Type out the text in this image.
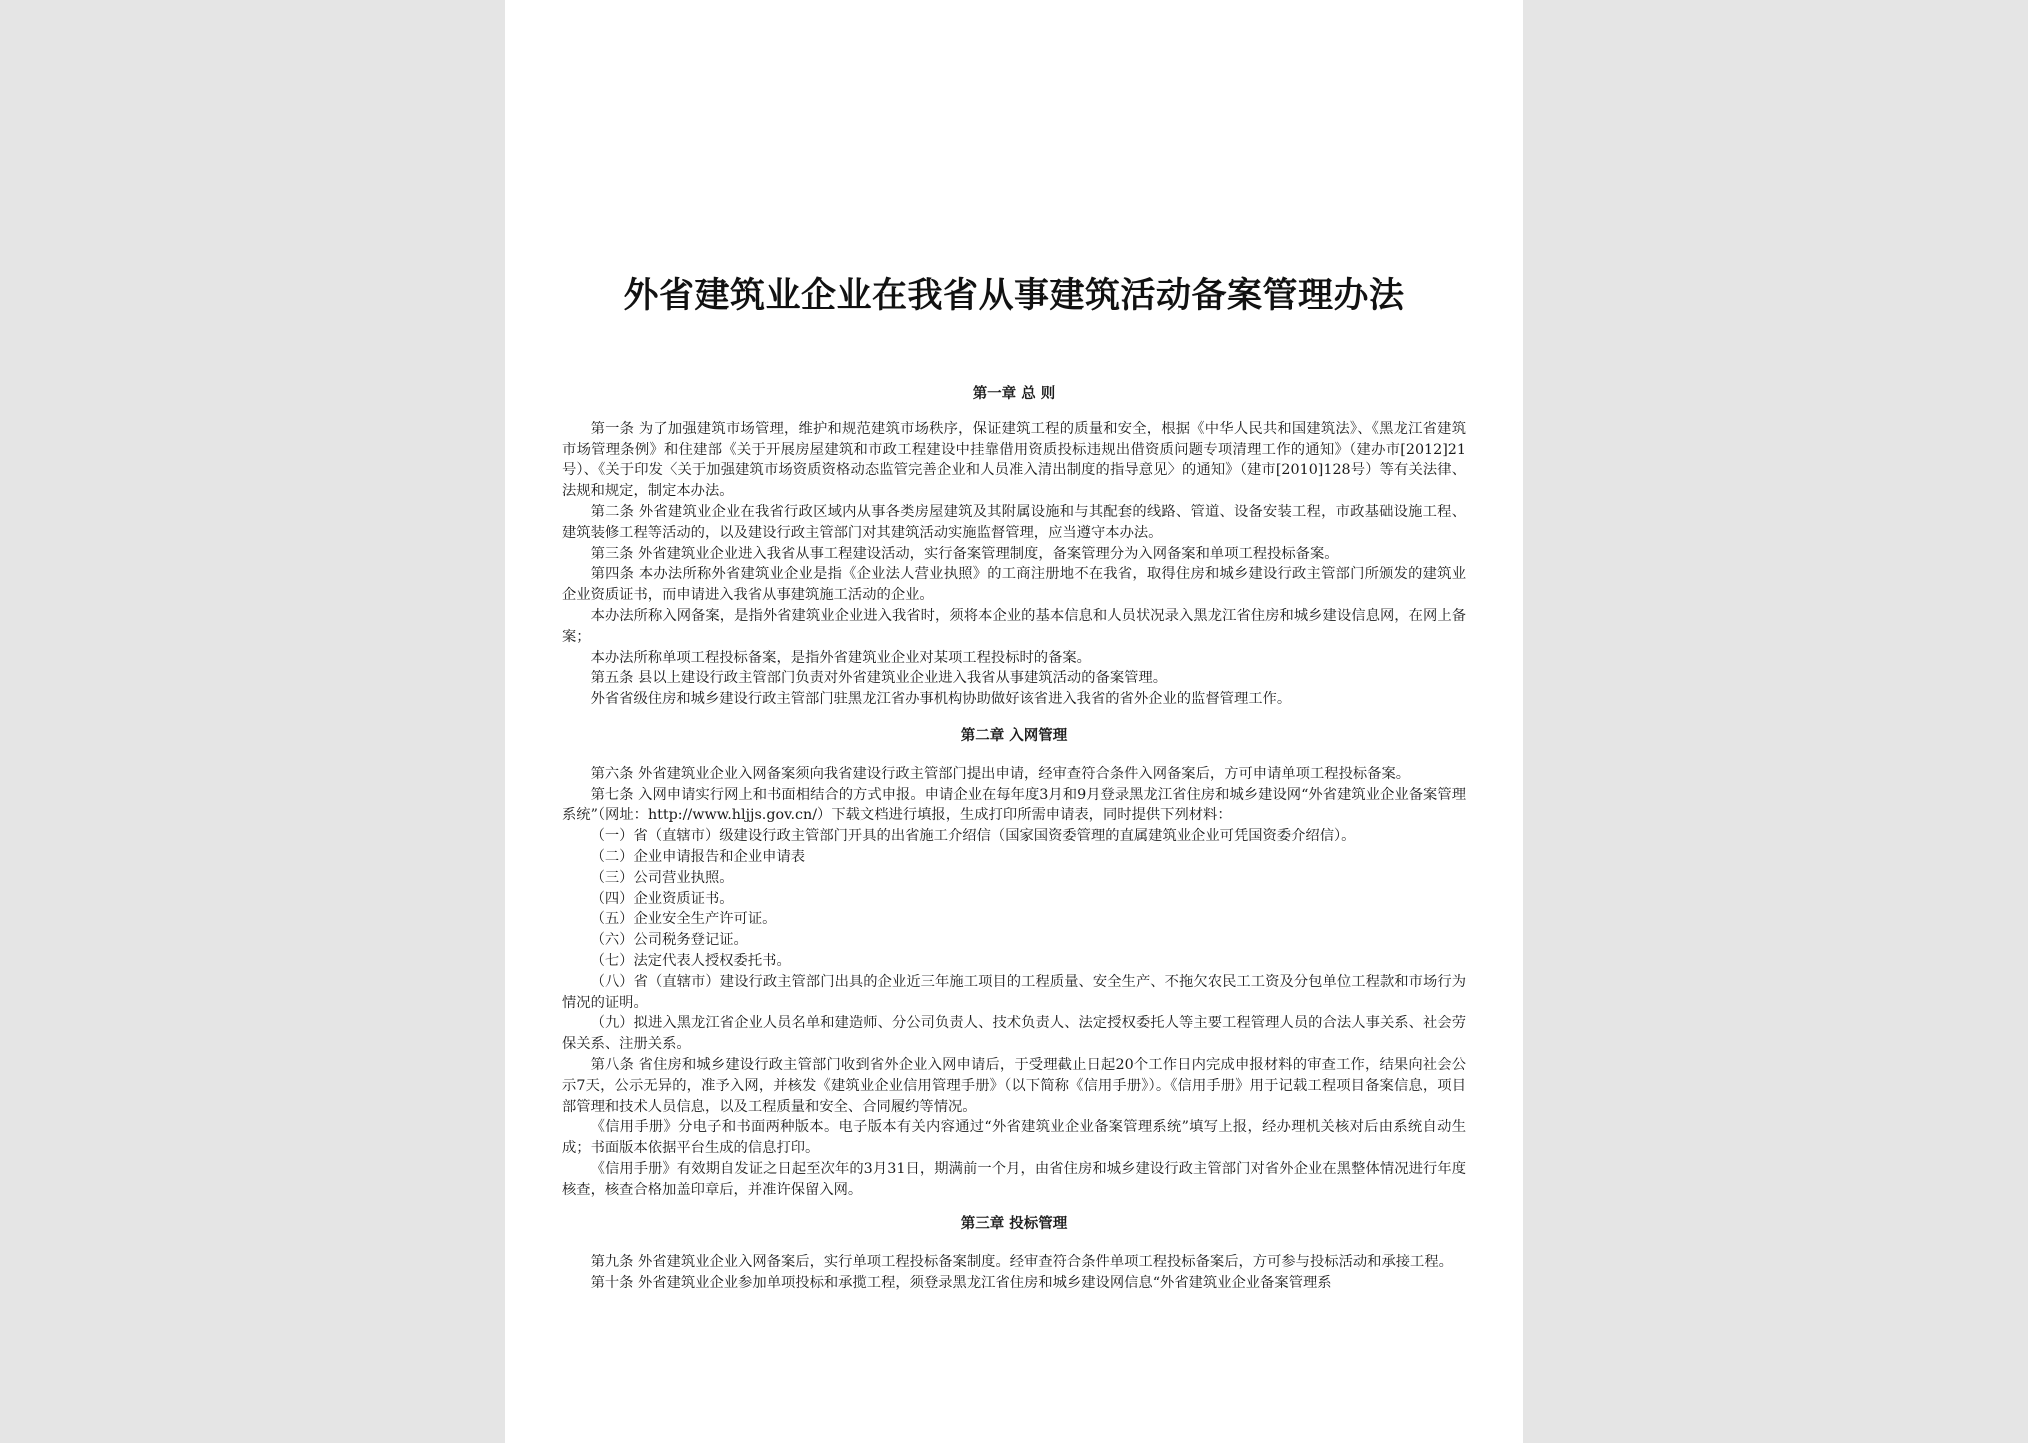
外省建筑业企业在我省从事建筑活动备案管理办法
第一章 总 则

第一条 为了加强建筑市场管理，维护和规范建筑市场秩序，保证建筑工程的质量和安全，根据《中华人民共和国建筑法》、《黑龙江省建筑市场管理条例》和住建部《关于开展房屋建筑和市政工程建设中挂靠借用资质投标违规出借资质问题专项清理工作的通知》（建办市[2012]21号）、《关于印发〈关于加强建筑市场资质资格动态监管完善企业和人员准入清出制度的指导意见〉的通知》（建市[2010]128号）等有关法律、法规和规定，制定本办法。

第二条 外省建筑业企业在我省行政区域内从事各类房屋建筑及其附属设施和与其配套的线路、管道、设备安装工程，市政基础设施工程、建筑装修工程等活动的，以及建设行政主管部门对其建筑活动实施监督管理，应当遵守本办法。

第三条 外省建筑业企业进入我省从事工程建设活动，实行备案管理制度，备案管理分为入网备案和单项工程投标备案。

第四条 本办法所称外省建筑业企业是指《企业法人营业执照》的工商注册地不在我省，取得住房和城乡建设行政主管部门所颁发的建筑业企业资质证书，而申请进入我省从事建筑施工活动的企业。

本办法所称入网备案，是指外省建筑业企业进入我省时，须将本企业的基本信息和人员状况录入黑龙江省住房和城乡建设信息网，在网上备案；

本办法所称单项工程投标备案，是指外省建筑业企业对某项工程投标时的备案。

第五条 县以上建设行政主管部门负责对外省建筑业企业进入我省从事建筑活动的备案管理。

外省省级住房和城乡建设行政主管部门驻黑龙江省办事机构协助做好该省进入我省的省外企业的监督管理工作。

第二章 入网管理

第六条 外省建筑业企业入网备案须向我省建设行政主管部门提出申请，经审查符合条件入网备案后，方可申请单项工程投标备案。

第七条 入网申请实行网上和书面相结合的方式申报。申请企业在每年度3月和9月登录黑龙江省住房和城乡建设网“外省建筑业企业备案管理系统”（网址：http://www.hljjs.gov.cn/）下载文档进行填报，生成打印所需申请表，同时提供下列材料：

（一）省（直辖市）级建设行政主管部门开具的出省施工介绍信（国家国资委管理的直属建筑业企业可凭国资委介绍信）。

（二）企业申请报告和企业申请表

（三）公司营业执照。

（四）企业资质证书。

（五）企业安全生产许可证。

（六）公司税务登记证。

（七）法定代表人授权委托书。

（八）省（直辖市）建设行政主管部门出具的企业近三年施工项目的工程质量、安全生产、不拖欠农民工工资及分包单位工程款和市场行为情况的证明。

（九）拟进入黑龙江省企业人员名单和建造师、分公司负责人、技术负责人、法定授权委托人等主要工程管理人员的合法人事关系、社会劳保关系、注册关系。

第八条 省住房和城乡建设行政主管部门收到省外企业入网申请后，于受理截止日起20个工作日内完成申报材料的审查工作，结果向社会公示7天，公示无异的，准予入网，并核发《建筑业企业信用管理手册》（以下简称《信用手册》）。《信用手册》用于记载工程项目备案信息，项目部管理和技术人员信息，以及工程质量和安全、合同履约等情况。

《信用手册》分电子和书面两种版本。电子版本有关内容通过“外省建筑业企业备案管理系统”填写上报，经办理机关核对后由系统自动生成；书面版本依据平台生成的信息打印。

《信用手册》有效期自发证之日起至次年的3月31日，期满前一个月，由省住房和城乡建设行政主管部门对省外企业在黑整体情况进行年度核查，核查合格加盖印章后，并准许保留入网。

第三章 投标管理

第九条 外省建筑业企业入网备案后，实行单项工程投标备案制度。经审查符合条件单项工程投标备案后，方可参与投标活动和承接工程。

第十条 外省建筑业企业参加单项投标和承揽工程，须登录黑龙江省住房和城乡建设网信息“外省建筑业企业备案管理系
